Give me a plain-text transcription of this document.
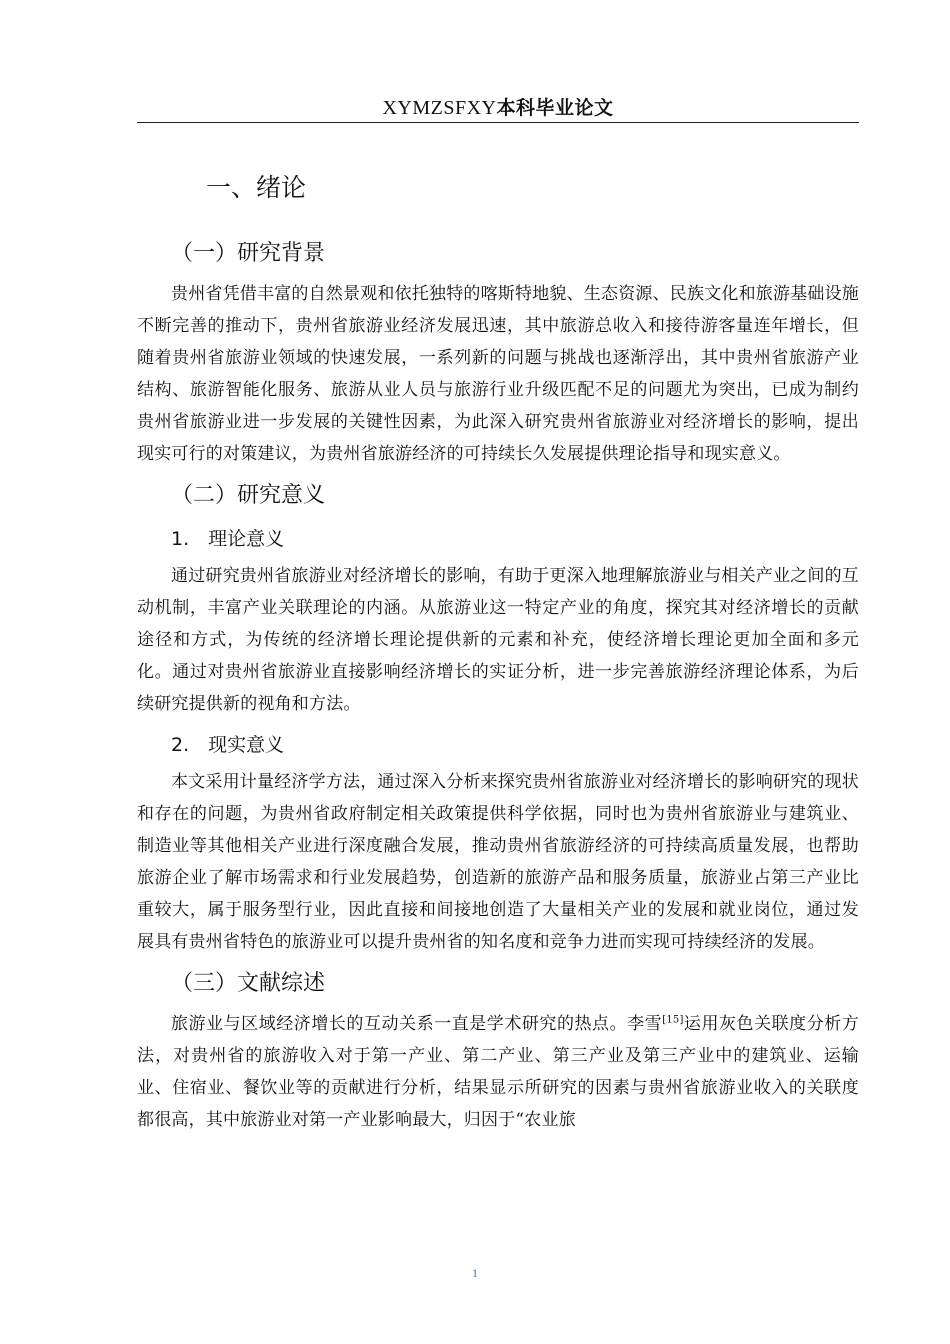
XYMZSFXY本科毕业论文
一、绪论
（一）研究背景

贵州省凭借丰富的自然景观和依托独特的喀斯特地貌、生态资源、民族文化和旅游基础设施不断完善的推动下，贵州省旅游业经济发展迅速，其中旅游总收入和接待游客量连年增长，但随着贵州省旅游业领域的快速发展，一系列新的问题与挑战也逐渐浮出，其中贵州省旅游产业结构、旅游智能化服务、旅游从业人员与旅游行业升级匹配不足的问题尤为突出，已成为制约贵州省旅游业进一步发展的关键性因素，为此深入研究贵州省旅游业对经济增长的影响，提出现实可行的对策建议，为贵州省旅游经济的可持续长久发展提供理论指导和现实意义。

（二）研究意义
1.　理论意义

通过研究贵州省旅游业对经济增长的影响，有助于更深入地理解旅游业与相关产业之间的互动机制，丰富产业关联理论的内涵。从旅游业这一特定产业的角度，探究其对经济增长的贡献途径和方式，为传统的经济增长理论提供新的元素和补充，使经济增长理论更加全面和多元化。通过对贵州省旅游业直接影响经济增长的实证分析，进一步完善旅游经济理论体系，为后续研究提供新的视角和方法。

2.　现实意义

本文采用计量经济学方法，通过深入分析来探究贵州省旅游业对经济增长的影响研究的现状和存在的问题，为贵州省政府制定相关政策提供科学依据，同时也为贵州省旅游业与建筑业、制造业等其他相关产业进行深度融合发展，推动贵州省旅游经济的可持续高质量发展，也帮助旅游企业了解市场需求和行业发展趋势，创造新的旅游产品和服务质量，旅游业占第三产业比重较大，属于服务型行业，因此直接和间接地创造了大量相关产业的发展和就业岗位，通过发展具有贵州省特色的旅游业可以提升贵州省的知名度和竞争力进而实现可持续经济的发展。

（三）文献综述

旅游业与区域经济增长的互动关系一直是学术研究的热点。李雪[15]运用灰色关联度分析方法，对贵州省的旅游收入对于第一产业、第二产业、第三产业及第三产业中的建筑业、运输业、住宿业、餐饮业等的贡献进行分析，结果显示所研究的因素与贵州省旅游业收入的关联度都很高，其中旅游业对第一产业影响最大，归因于“农业旅

1
